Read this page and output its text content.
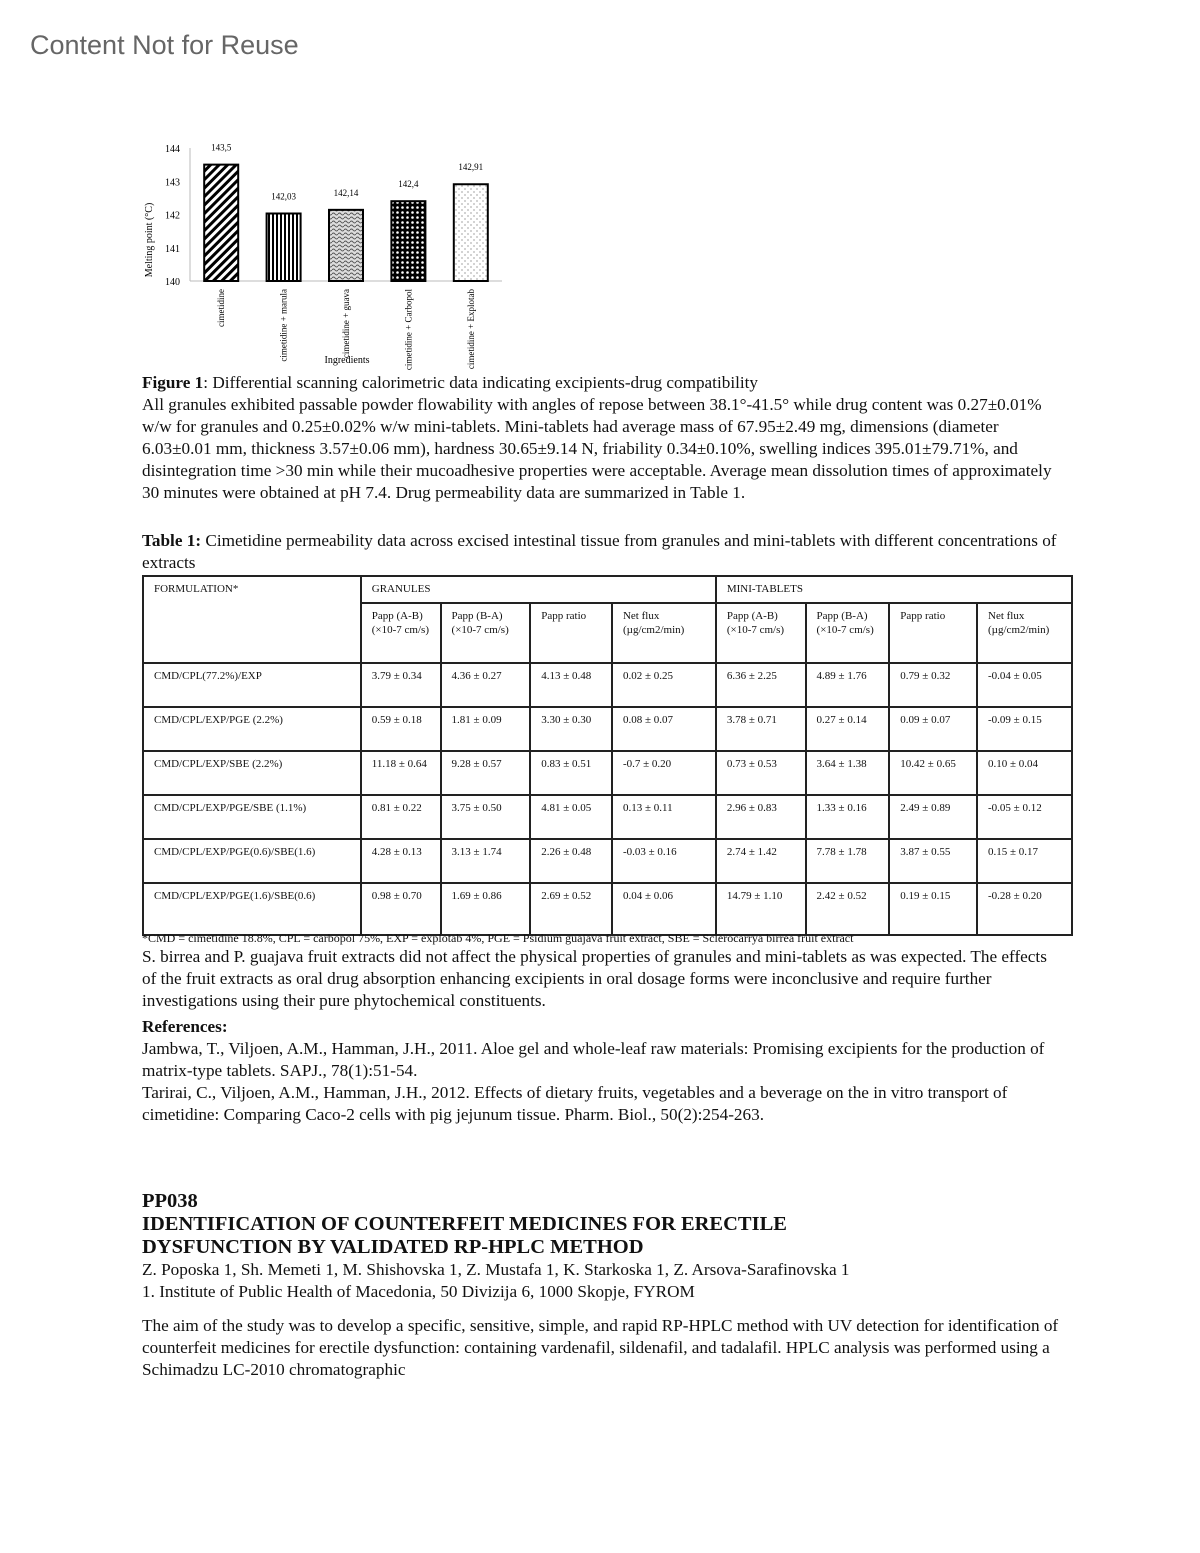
Content Not for Reuse
140
141
142
143
144	143,5
cimetidine
142,03
cimetidine + marula
142,14
cimetidine + guava
142,4
cimetidine + Carbopol
142,91
cimetidine + Explotab
Melting point (°C)
Ingredients
Figure 1: Differential scanning calorimetric data indicating excipients-drug compatibility
All granules exhibited passable powder flowability with angles of repose between 38.1°-41.5° while drug content was 0.27±0.01% w/w for granules and 0.25±0.02% w/w mini-tablets. Mini-tablets had average mass of 67.95±2.49 mg, dimensions (diameter 6.03±0.01 mm, thickness 3.57±0.06 mm), hardness 30.65±9.14 N, friability 0.34±0.10%, swelling indices 395.01±79.71%, and disintegration time >30 min while their mucoadhesive properties were acceptable. Average mean dissolution times of approximately 30 minutes were obtained at pH 7.4. Drug permeability data are summarized in Table 1.
Table 1: Cimetidine permeability data across excised intestinal tissue from granules and mini-tablets with different concentrations of extracts
FORMULATION*	GRANULES				MINI-TABLETS			
	Papp (A-B) (×10-7 cm/s)	Papp (B-A) (×10-7 cm/s)	Papp ratio	Net flux (µg/cm2/min)	Papp (A-B) (×10-7 cm/s)	Papp (B-A) (×10-7 cm/s)	Papp ratio	Net flux (µg/cm2/min)
CMD/CPL(77.2%)/EXP	3.79 ± 0.34	4.36 ± 0.27	4.13 ± 0.48	0.02 ± 0.25	6.36 ± 2.25	4.89 ± 1.76	0.79 ± 0.32	-0.04 ± 0.05
CMD/CPL/EXP/PGE (2.2%)	0.59 ± 0.18	1.81 ± 0.09	3.30 ± 0.30	0.08 ± 0.07	3.78 ± 0.71	0.27 ± 0.14	0.09 ± 0.07	-0.09 ± 0.15
CMD/CPL/EXP/SBE (2.2%)	11.18 ± 0.64	9.28 ± 0.57	0.83 ± 0.51	-0.7 ± 0.20	0.73 ± 0.53	3.64 ± 1.38	10.42 ± 0.65	0.10 ± 0.04
CMD/CPL/EXP/PGE/SBE (1.1%)	0.81 ± 0.22	3.75 ± 0.50	4.81 ± 0.05	0.13 ± 0.11	2.96 ± 0.83	1.33 ± 0.16	2.49 ± 0.89	-0.05 ± 0.12
CMD/CPL/EXP/PGE(0.6)/SBE(1.6)	4.28 ± 0.13	3.13 ± 1.74	2.26 ± 0.48	-0.03 ± 0.16	2.74 ± 1.42	7.78 ± 1.78	3.87 ± 0.55	0.15 ± 0.17
CMD/CPL/EXP/PGE(1.6)/SBE(0.6)	0.98 ± 0.70	1.69 ± 0.86	2.69 ± 0.52	0.04 ± 0.06	14.79 ± 1.10	2.42 ± 0.52	0.19 ± 0.15	-0.28 ± 0.20
*CMD = cimetidine 18.8%, CPL = carbopol 75%, EXP = explotab 4%, PGE = Psidium guajava fruit extract, SBE = Sclerocarrya birrea fruit extract
S. birrea and P. guajava fruit extracts did not affect the physical properties of granules and mini-tablets as was expected. The effects of the fruit extracts as oral drug absorption enhancing excipients in oral dosage forms were inconclusive and require further investigations using their pure phytochemical constituents.
References:
Jambwa, T., Viljoen, A.M., Hamman, J.H., 2011. Aloe gel and whole-leaf raw materials: Promising excipients for the production of matrix-type tablets. SAPJ., 78(1):51-54.
Tarirai, C., Viljoen, A.M., Hamman, J.H., 2012. Effects of dietary fruits, vegetables and a beverage on the in vitro transport of cimetidine: Comparing Caco-2 cells with pig jejunum tissue. Pharm. Biol., 50(2):254-263.
PP038
IDENTIFICATION OF COUNTERFEIT MEDICINES FOR ERECTILE
DYSFUNCTION BY VALIDATED RP-HPLC METHOD

Z. Poposka 1, Sh. Memeti 1, M. Shishovska 1, Z. Mustafa 1, K. Starkoska 1, Z. Arsova-Sarafinovska 1

1. Institute of Public Health of Macedonia, 50 Divizija 6, 1000 Skopje, FYROM

The aim of the study was to develop a specific, sensitive, simple, and rapid RP-HPLC method with UV detection for identification of counterfeit medicines for erectile dysfunction: containing vardenafil, sildenafil, and tadalafil. HPLC analysis was performed using a Schimadzu LC-2010 chromatographic
